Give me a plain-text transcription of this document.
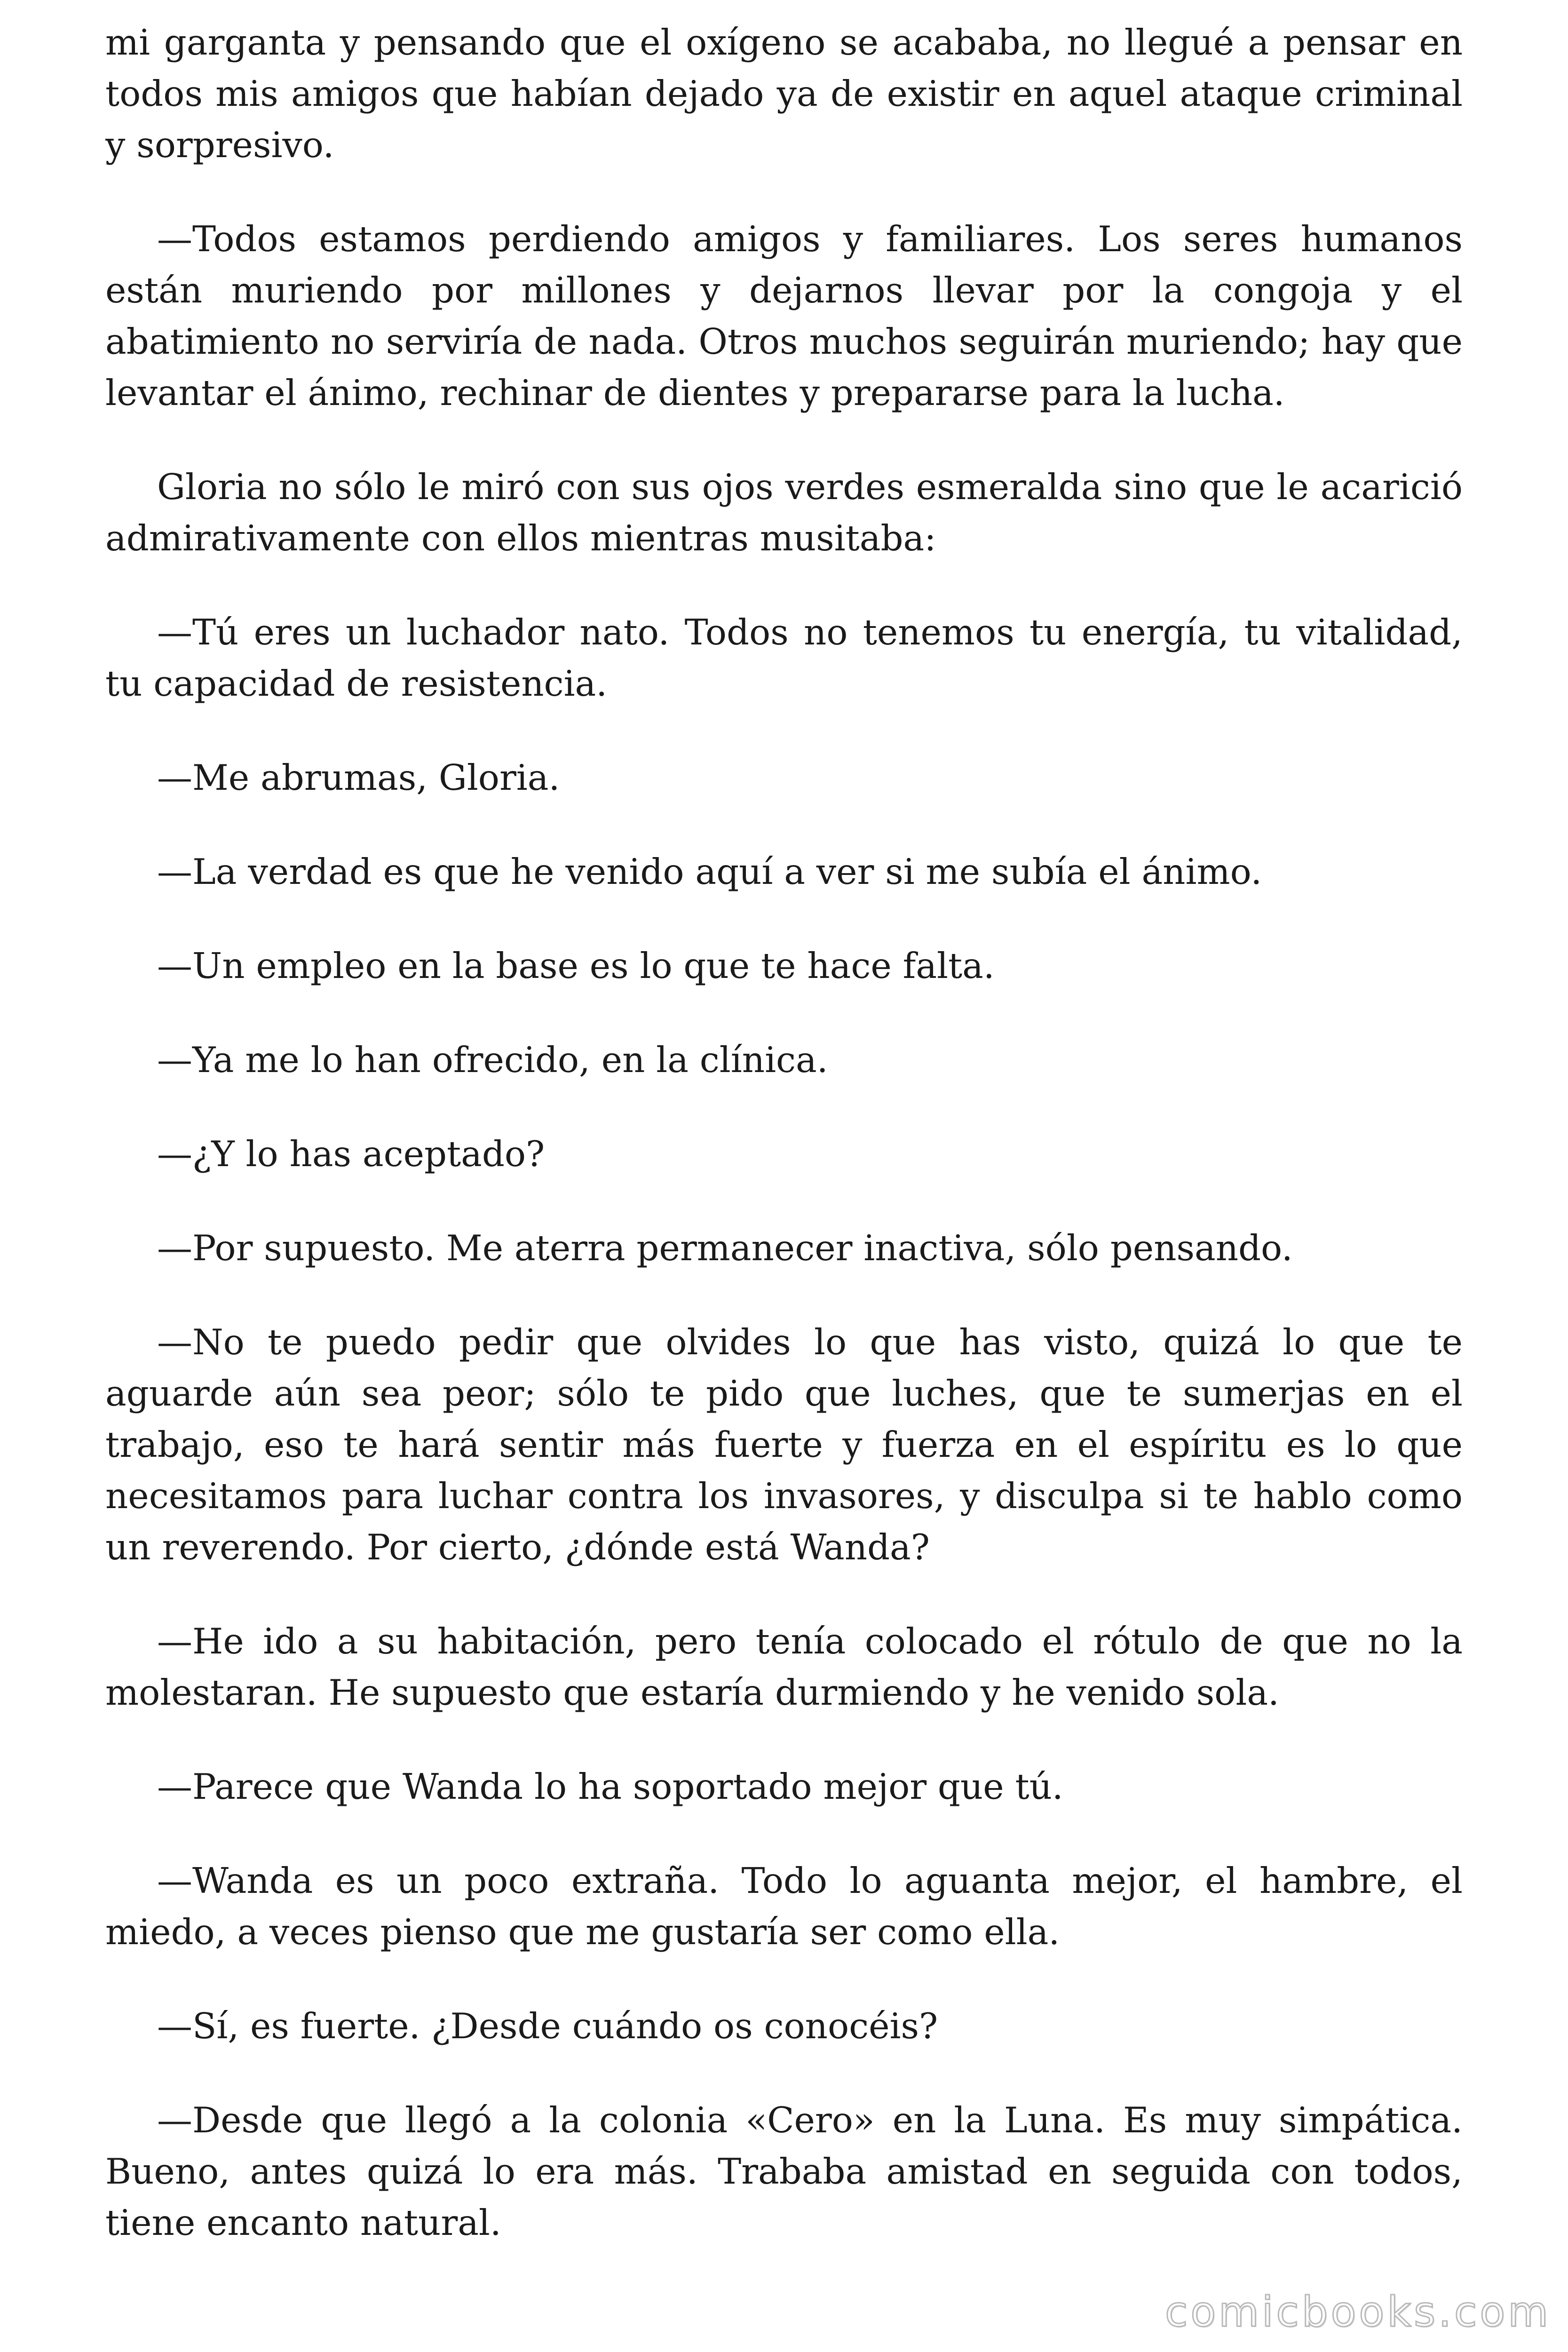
mi garganta y pensando que el oxígeno se acababa, no llegué a pensar en todos mis amigos que habían dejado ya de existir en aquel ataque criminal y sorpresivo.

—Todos estamos perdiendo amigos y familiares. Los seres humanos están muriendo por millones y dejarnos llevar por la congoja y el abatimiento no serviría de nada. Otros muchos seguirán muriendo; hay que levantar el ánimo, rechinar de dientes y prepararse para la lucha.

Gloria no sólo le miró con sus ojos verdes esmeralda sino que le acarició admirativamente con ellos mientras musitaba:

—Tú eres un luchador nato. Todos no tenemos tu energía, tu vitalidad, tu capacidad de resistencia.

—Me abrumas, Gloria.

—La verdad es que he venido aquí a ver si me subía el ánimo.

—Un empleo en la base es lo que te hace falta.

—Ya me lo han ofrecido, en la clínica.

—¿Y lo has aceptado?

—Por supuesto. Me aterra permanecer inactiva, sólo pensando.

—No te puedo pedir que olvides lo que has visto, quizá lo que te aguarde aún sea peor; sólo te pido que luches, que te sumerjas en el trabajo, eso te hará sentir más fuerte y fuerza en el espíritu es lo que necesitamos para luchar contra los invasores, y disculpa si te hablo como un reverendo. Por cierto, ¿dónde está Wanda?

—He ido a su habitación, pero tenía colocado el rótulo de que no la molestaran. He supuesto que estaría durmiendo y he venido sola.

—Parece que Wanda lo ha soportado mejor que tú.

—Wanda es un poco extraña. Todo lo aguanta mejor, el hambre, el miedo, a veces pienso que me gustaría ser como ella.

—Sí, es fuerte. ¿Desde cuándo os conocéis?

—Desde que llegó a la colonia «Cero» en la Luna. Es muy simpática. Bueno, antes quizá lo era más. Trababa amistad en seguida con todos, tiene encanto natural.

comicbooks.com
